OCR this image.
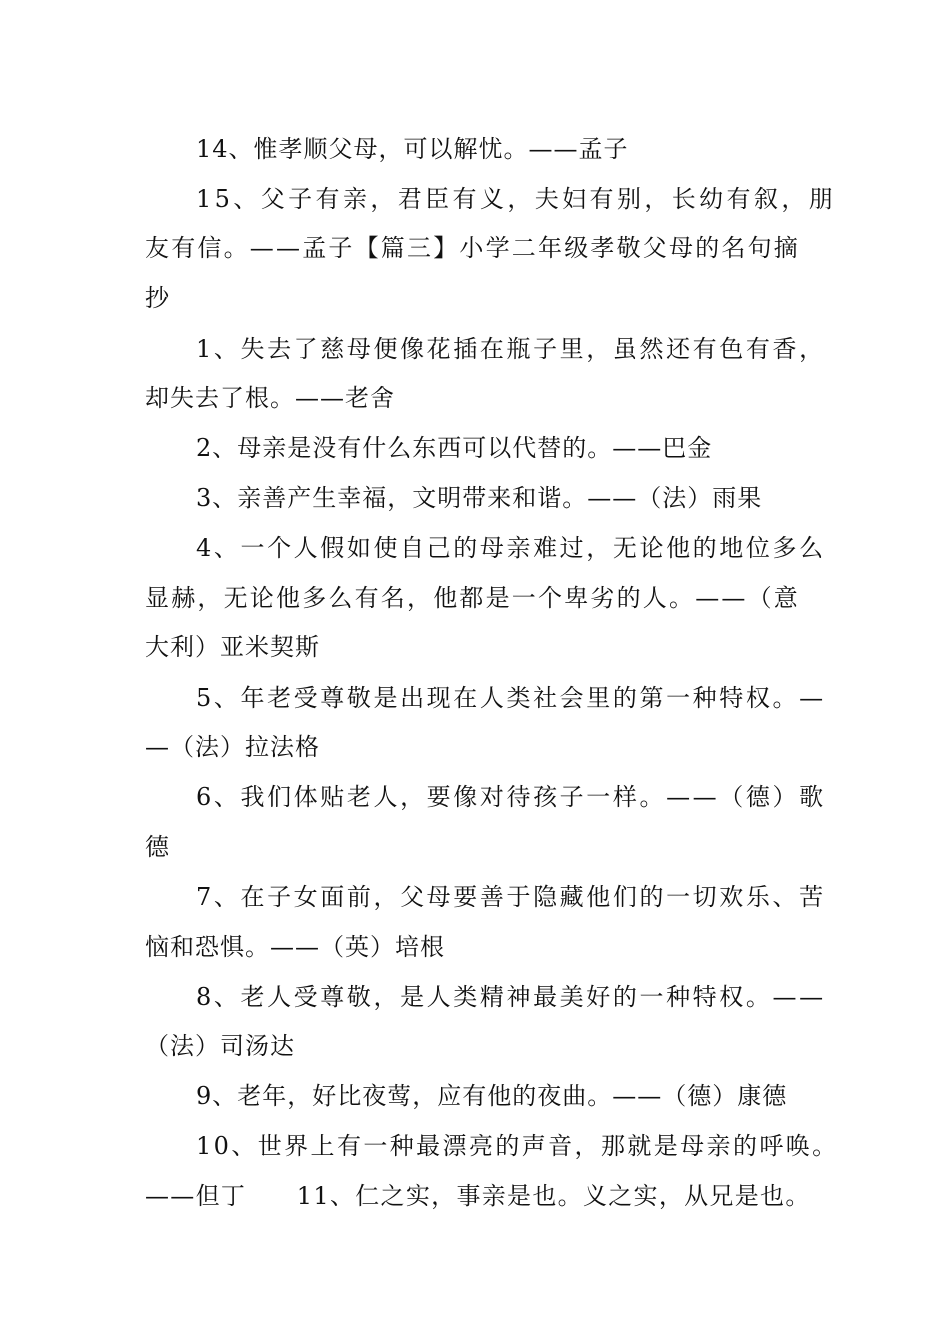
14、惟孝顺父母，可以解忧。——孟子
15、父子有亲，君臣有义，夫妇有别，长幼有叙，朋
友有信。——孟子【篇三】小学二年级孝敬父母的名句摘
抄
1、失去了慈母便像花插在瓶子里，虽然还有色有香，
却失去了根。——老舍
2、母亲是没有什么东西可以代替的。——巴金
3、亲善产生幸福，文明带来和谐。——（法）雨果
4、一个人假如使自己的母亲难过，无论他的地位多么
显赫，无论他多么有名，他都是一个卑劣的人。——（意
大利）亚米契斯
5、年老受尊敬是出现在人类社会里的第一种特权。—
—（法）拉法格
6、我们体贴老人，要像对待孩子一样。——（德）歌
德
7、在子女面前，父母要善于隐藏他们的一切欢乐、苦
恼和恐惧。——（英）培根
8、老人受尊敬，是人类精神最美好的一种特权。——
（法）司汤达
9、老年，好比夜莺，应有他的夜曲。——（德）康德
10、世界上有一种最漂亮的声音，那就是母亲的呼唤。
——但丁　　11、仁之实，事亲是也。义之实，从兄是也。
